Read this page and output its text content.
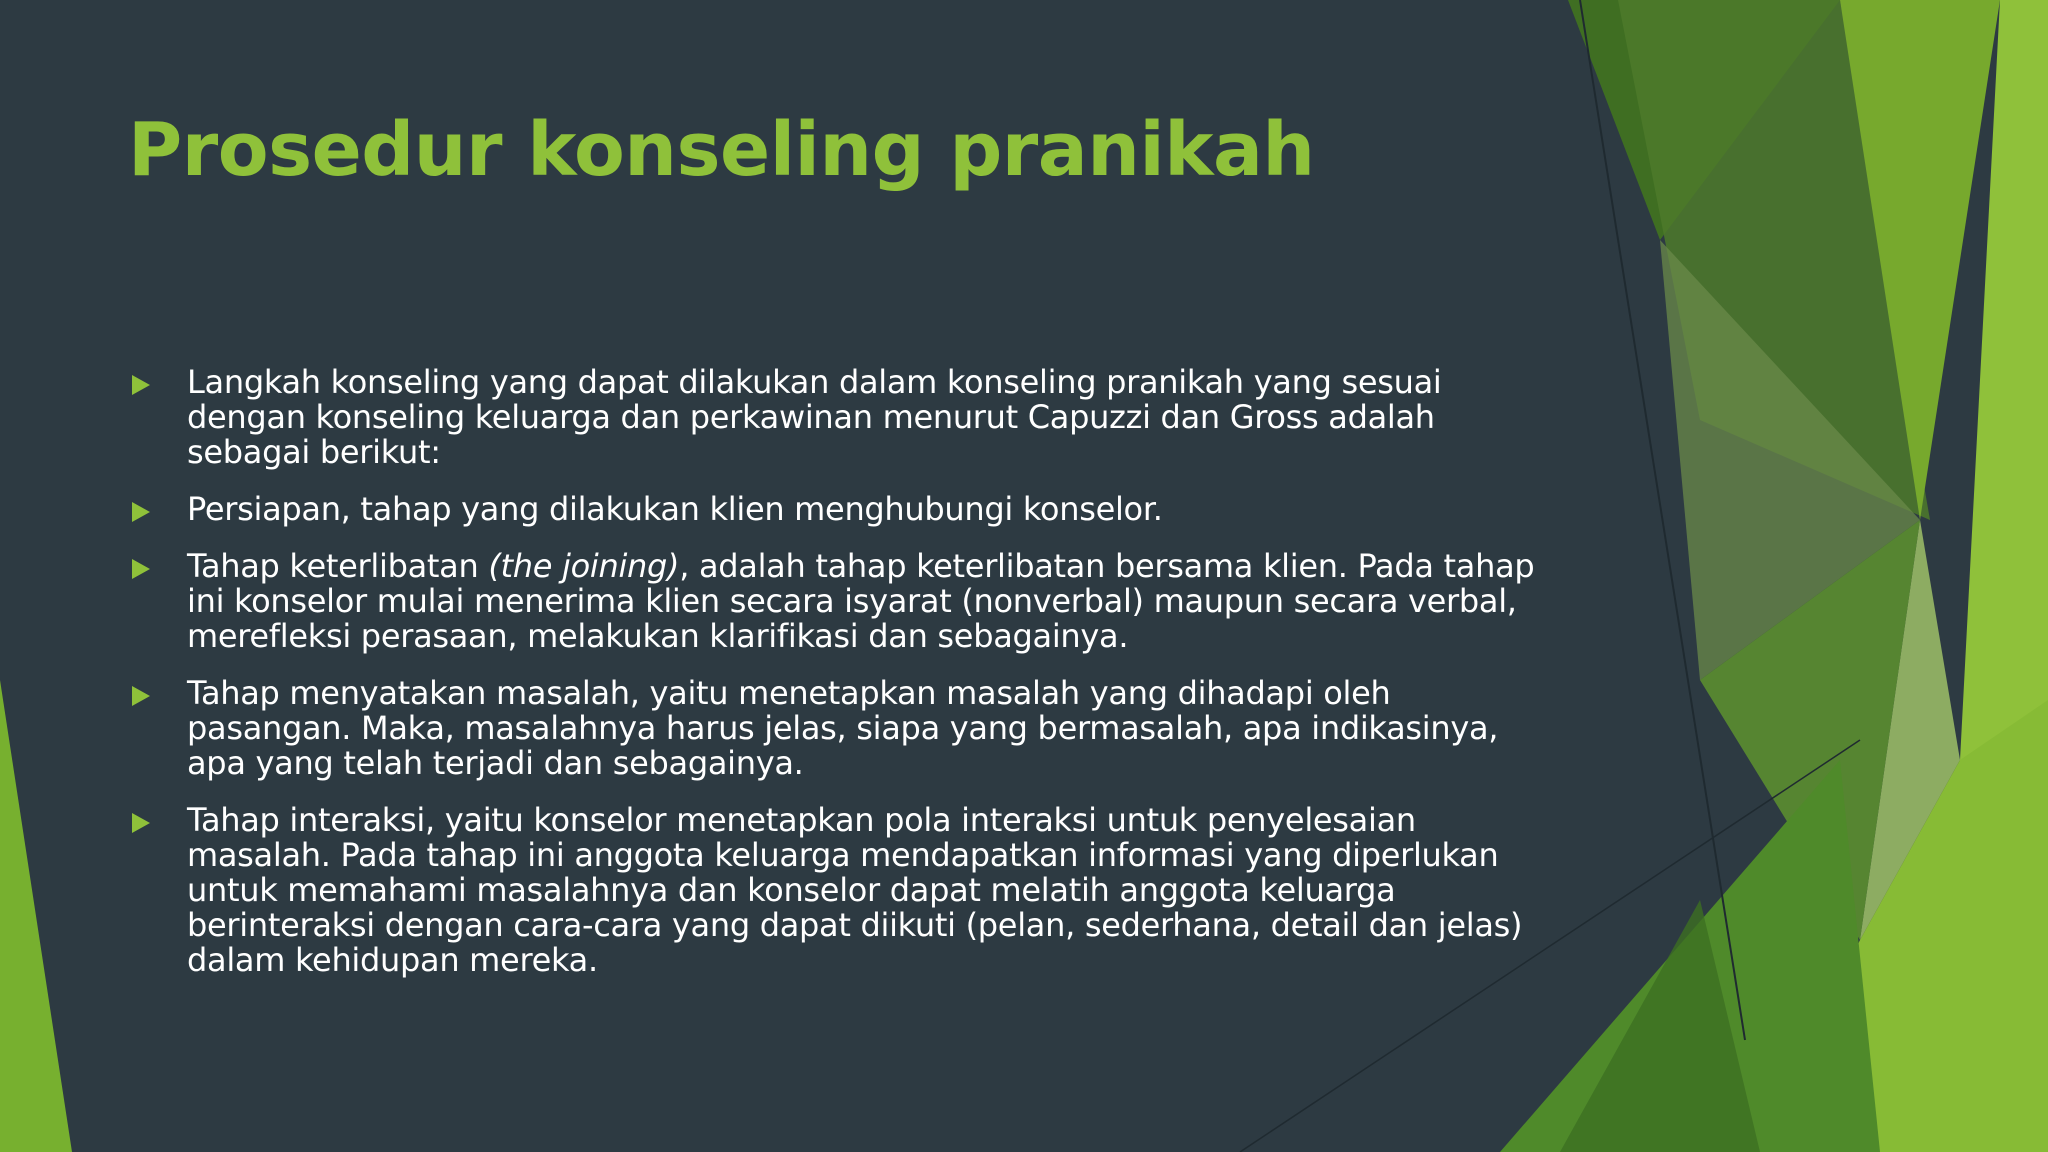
Prosedur konseling pranikah
Langkah konseling yang dapat dilakukan dalam konseling pranikah yang sesuai dengan konseling keluarga dan perkawinan menurut Capuzzi dan Gross adalah sebagai berikut:
Persiapan, tahap yang dilakukan klien menghubungi konselor.
Tahap keterlibatan (the joining), adalah tahap keterlibatan bersama klien. Pada tahap ini konselor mulai menerima klien secara isyarat (nonverbal) maupun secara verbal, merefleksi perasaan, melakukan klarifikasi dan sebagainya.
Tahap menyatakan masalah, yaitu menetapkan masalah yang dihadapi oleh pasangan. Maka, masalahnya harus jelas, siapa yang bermasalah, apa indikasinya, apa yang telah terjadi dan sebagainya.
Tahap interaksi, yaitu konselor menetapkan pola interaksi untuk penyelesaian masalah. Pada tahap ini anggota keluarga mendapatkan informasi yang diperlukan untuk memahami masalahnya dan konselor dapat melatih anggota keluarga berinteraksi dengan cara-cara yang dapat diikuti (pelan, sederhana, detail dan jelas) dalam kehidupan mereka.
